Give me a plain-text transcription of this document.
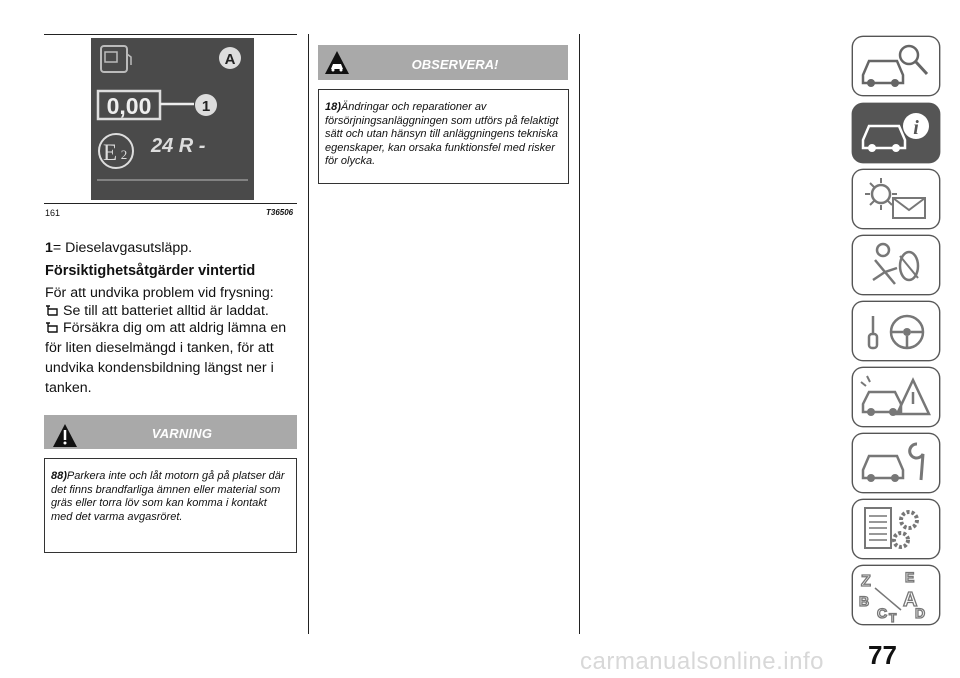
A
0,00	1
E 2 24 R -
161	T36506
1= Dieselavgasutsläpp.
Försiktighetsåtgärder vintertid
För att undvika problem vid frysning:
Se till att batteriet alltid är laddat.
Försäkra dig om att aldrig lämna en för liten dieselmängd i tanken, för att undvika kondensbildning längst ner i tanken.
VARNING
88)Parkera inte och låt motorn gå på platser där det finns brandfarliga ämnen eller material som gräs eller torra löv som kan komma i kontakt med det varma avgasröret.
OBSERVERA!
18)Ändringar och reparationer av försörjningsanläggningen som utförs på felaktigt sätt och utan hänsyn till anläggningens tekniska egenskaper, kan orsaka funktionsfel med risker för olycka.
i
Z E
B A
C D
T
77
carmanualsonline.info
